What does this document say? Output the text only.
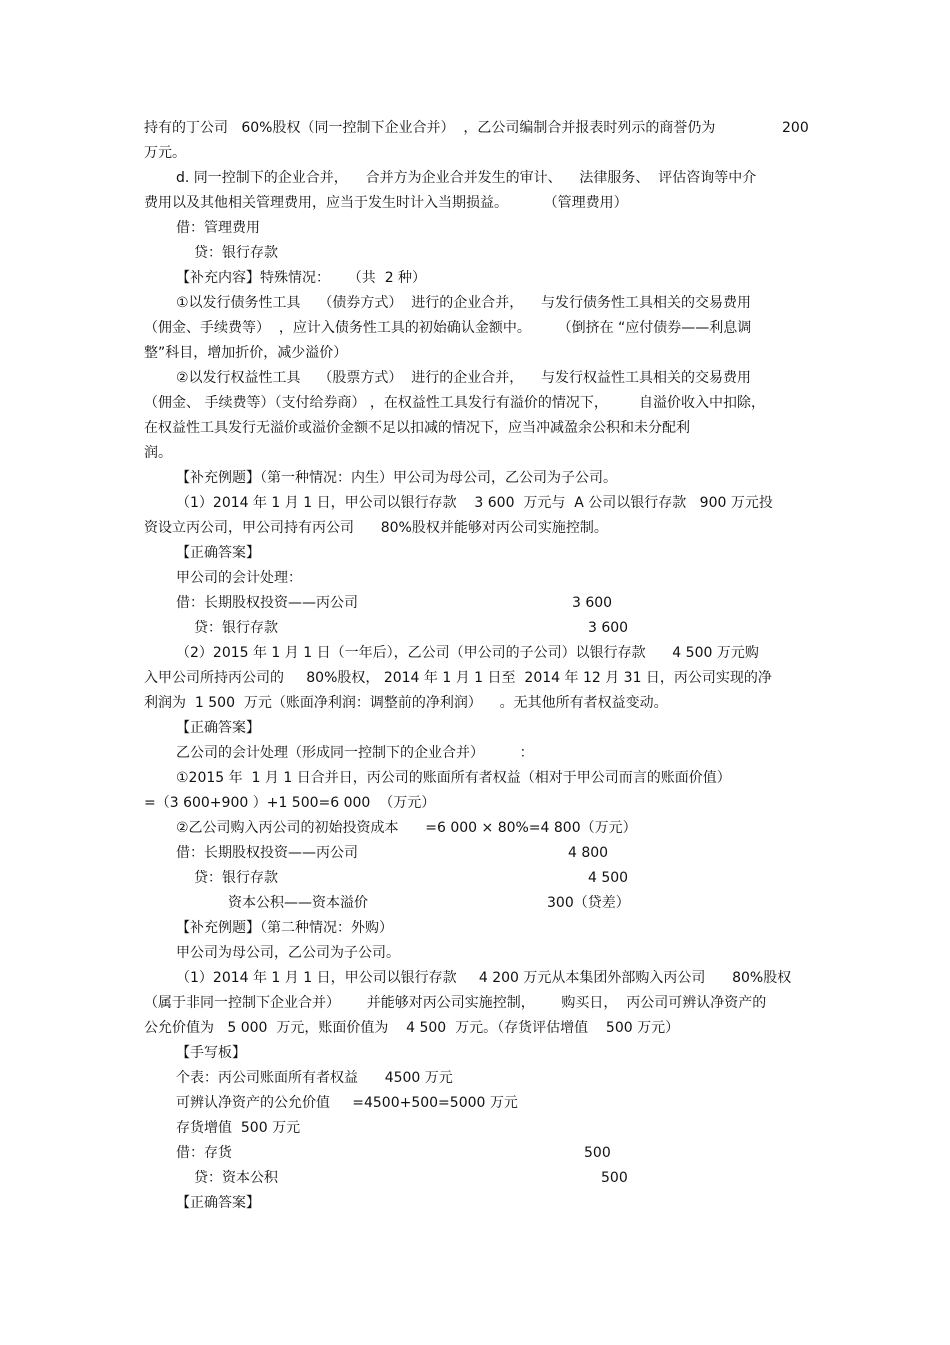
持有的丁公司   60%股权（同一控制下企业合并）  ，乙公司编制合并报表时列示的商誉仍为	200
万元。
d. 同一控制下的企业合并，    合并方为企业合并发生的审计、    法律服务、  评估咨询等中介
费用以及其他相关管理费用，应当于发生时计入当期损益。        （管理费用）
借：管理费用
贷：银行存款
【补充内容】特殊情况：    （共  2 种）
①以发行债务性工具    （债券方式）  进行的企业合并，    与发行债务性工具相关的交易费用
（佣金、手续费等）  ，应计入债务性工具的初始确认金额中。      （倒挤在 “应付债券——利息调
整”科目，增加折价，减少溢价）
②以发行权益性工具    （股票方式）  进行的企业合并，    与发行权益性工具相关的交易费用
（佣金、 手续费等）（支付给券商） ，在权益性工具发行有溢价的情况下，       自溢价收入中扣除，
在权益性工具发行无溢价或溢价金额不足以扣减的情况下，应当冲减盈余公积和未分配利
润。
【补充例题】（第一种情况：内生）甲公司为母公司，乙公司为子公司。
（1）2014 年 1 月 1 日，甲公司以银行存款    3 600  万元与  A 公司以银行存款   900 万元投
资设立丙公司，甲公司持有丙公司      80%股权并能够对丙公司实施控制。
【正确答案】
甲公司的会计处理：
借：长期股权投资——丙公司	3 600
贷：银行存款	3 600
（2）2015 年 1 月 1 日（一年后），乙公司（甲公司的子公司）以银行存款      4 500 万元购
入甲公司所持丙公司的     80%股权， 2014 年 1 月 1 日至  2014 年 12 月 31 日，丙公司实现的净
利润为  1 500  万元（账面净利润：调整前的净利润）    。无其他所有者权益变动。
【正确答案】
乙公司的会计处理（形成同一控制下的企业合并）        ：
①2015 年  1 月 1 日合并日，丙公司的账面所有者权益（相对于甲公司而言的账面价值）
=（3 600+900 ）+1 500=6 000  （万元）
②乙公司购入丙公司的初始投资成本      =6 000 × 80%=4 800（万元）
借：长期股权投资——丙公司	4 800
贷：银行存款	4 500
资本公积——资本溢价	300（贷差）
【补充例题】（第二种情况：外购）
甲公司为母公司，乙公司为子公司。
（1）2014 年 1 月 1 日，甲公司以银行存款     4 200 万元从本集团外部购入丙公司      80%股权
（属于非同一控制下企业合并）      并能够对丙公司实施控制，      购买日，  丙公司可辨认净资产的
公允价值为   5 000  万元，账面价值为    4 500  万元。（存货评估增值    500 万元）
【手写板】
个表：丙公司账面所有者权益      4500 万元
可辨认净资产的公允价值     =4500+500=5000 万元
存货增值  500 万元
借：存货	500
贷：资本公积	500
【正确答案】
